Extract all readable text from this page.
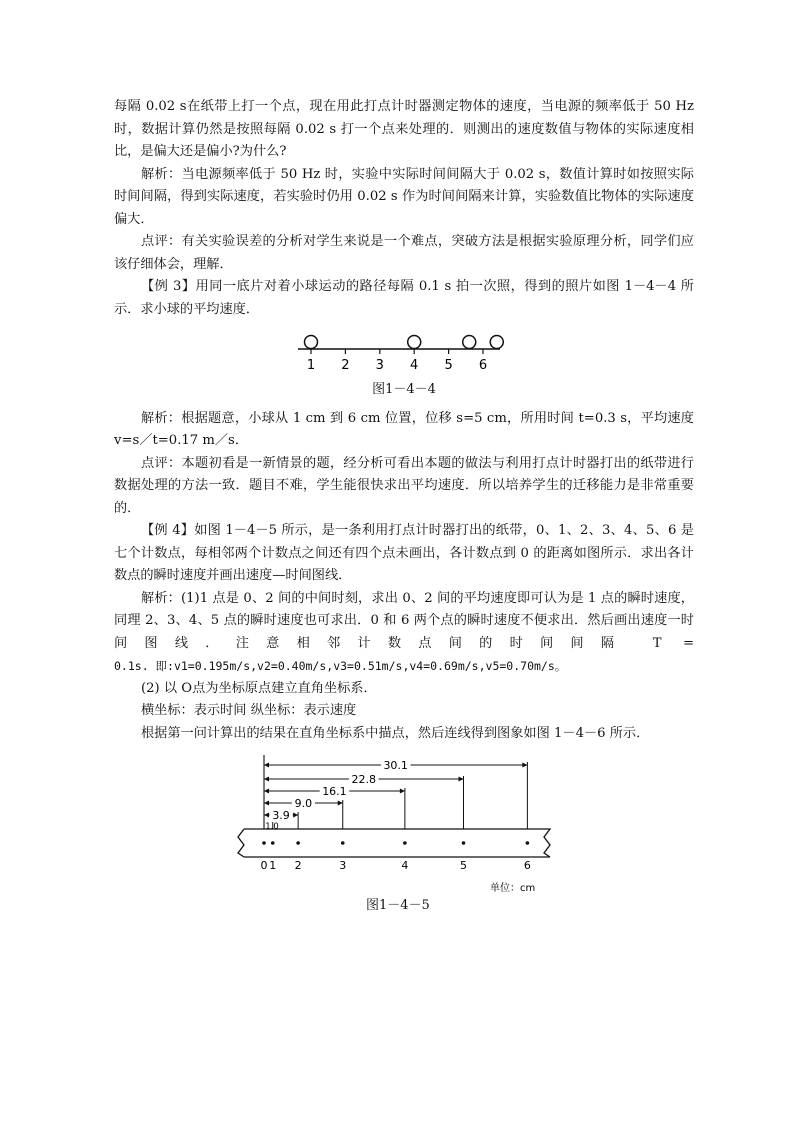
每隔 0.02 s在纸带上打一个点，现在用此打点计时器测定物体的速度，当电源的频率低于 50 Hz 时，数据计算仍然是按照每隔 0.02 s 打一个点来处理的．则测出的速度数值与物体的实际速度相比，是偏大还是偏小?为什么?

解析：当电源频率低于 50 Hz 时，实验中实际时间间隔大于 0.02 s，数值计算时如按照实际时间间隔，得到实际速度，若实验时仍用 0.02 s 作为时间间隔来计算，实验数值比物体的实际速度偏大．

点评：有关实验误差的分析对学生来说是一个难点，突破方法是根据实验原理分析，同学们应该仔细体会，理解．

【例 3】用同一底片对着小球运动的路径每隔 0.1 s 拍一次照，得到的照片如图 1－4－4 所示．求小球的平均速度．

1 2 3 4 5 6

图1－4－4

解析：根据题意，小球从 1 cm 到 6 cm 位置，位移 s=5 cm，所用时间 t=0.3 s，平均速度 v=s／t=0.17 m／s．

点评：本题初看是一新情景的题，经分析可看出本题的做法与利用打点计时器打出的纸带进行数据处理的方法一致．题目不难，学生能很快求出平均速度．所以培养学生的迁移能力是非常重要的．

【例 4】如图 1－4－5 所示，是一条利用打点计时器打出的纸带，0、1、2、3、4、5、6 是七个计数点，每相邻两个计数点之间还有四个点未画出，各计数点到 0 的距离如图所示．求出各计数点的瞬时速度并画出速度—时间图线．

解析：(1)1 点是 0、2 间的中间时刻，求出 0、2 间的平均速度即可认为是 1 点的瞬时速度，同理 2、3、4、5 点的瞬时速度也可求出．0 和 6 两个点的瞬时速度不便求出．然后画出速度一时间图线．注意相邻计数点间的时间间隔 T =

0.1s. 即:v1=0.195m/s,v2=0.40m/s,v3=0.51m/s,v4=0.69m/s,v5=0.70m/s。

(2) 以 O点为坐标原点建立直角坐标系．

横坐标：表示时间 纵坐标：表示速度

根据第一问计算出的结果在直角坐标系中描点，然后连线得到图象如图 1－4－6 所示．

1.0
3.9
9.0
16.1
22.8
30.1
0 1 2	3	4	5	6
单位：cm

图1－4－5
